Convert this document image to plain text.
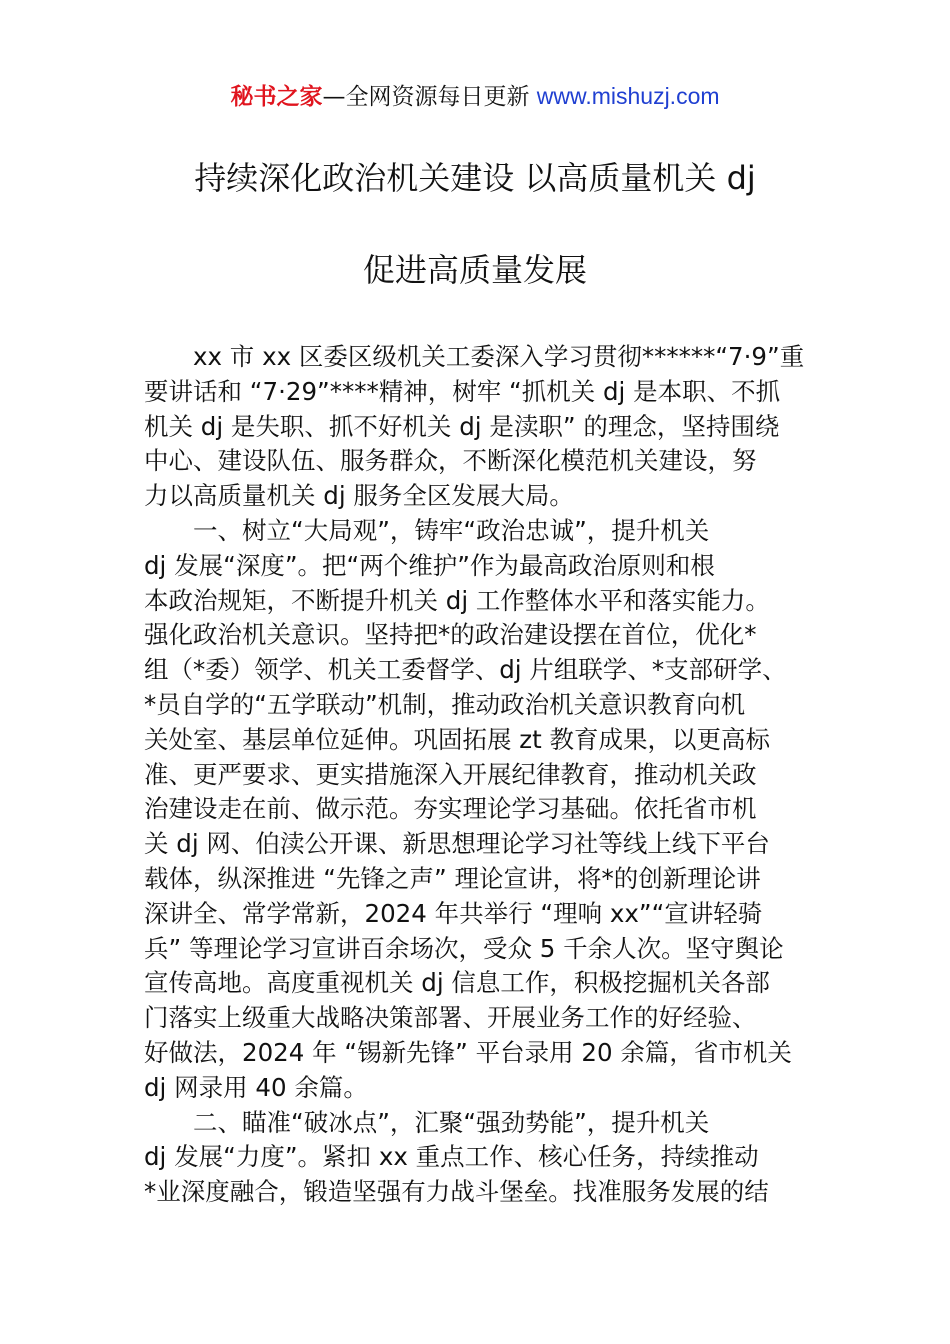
秘书之家—全网资源每日更新 www.mishuzj.com
持续深化政治机关建设 以高质量机关 dj
促进高质量发展
　　xx 市 xx 区委区级机关工委深入学习贯彻******“7·9”重
要讲话和 “7·29”****精神，树牢 “抓机关 dj 是本职、不抓
机关 dj 是失职、抓不好机关 dj 是渎职” 的理念，坚持围绕
中心、建设队伍、服务群众，不断深化模范机关建设，努
力以高质量机关 dj 服务全区发展大局。
　　一、树立“大局观”，铸牢“政治忠诚”，提升机关
dj 发展“深度”。把“两个维护”作为最高政治原则和根
本政治规矩，不断提升机关 dj 工作整体水平和落实能力。
强化政治机关意识。坚持把*的政治建设摆在首位，优化*
组（*委）领学、机关工委督学、dj 片组联学、*支部研学、
*员自学的“五学联动”机制，推动政治机关意识教育向机
关处室、基层单位延伸。巩固拓展 zt 教育成果，以更高标
准、更严要求、更实措施深入开展纪律教育，推动机关政
治建设走在前、做示范。夯实理论学习基础。依托省市机
关 dj 网、伯渎公开课、新思想理论学习社等线上线下平台
载体，纵深推进 “先锋之声” 理论宣讲，将*的创新理论讲
深讲全、常学常新，2024 年共举行 “理响 xx”“宣讲轻骑
兵” 等理论学习宣讲百余场次，受众 5 千余人次。坚守舆论
宣传高地。高度重视机关 dj 信息工作，积极挖掘机关各部
门落实上级重大战略决策部署、开展业务工作的好经验、
好做法，2024 年 “锡新先锋” 平台录用 20 余篇，省市机关
dj 网录用 40 余篇。
　　二、瞄准“破冰点”，汇聚“强劲势能”，提升机关
dj 发展“力度”。紧扣 xx 重点工作、核心任务，持续推动
*业深度融合，锻造坚强有力战斗堡垒。找准服务发展的结
